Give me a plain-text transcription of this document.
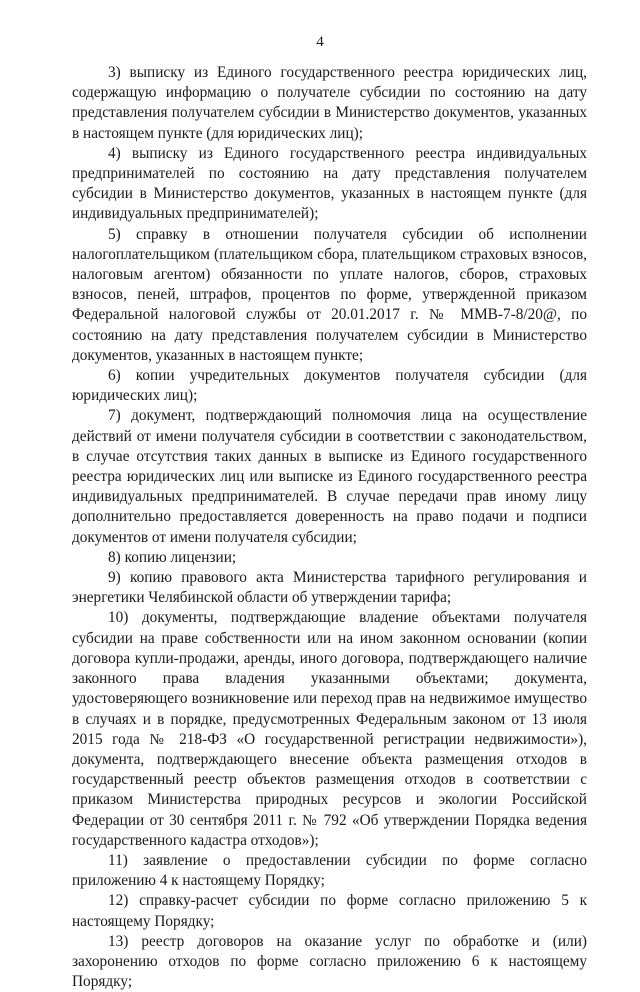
4

3) выписку из Единого государственного реестра юридических лиц, содержащую информацию о получателе субсидии по состоянию на дату представления получателем субсидии в Министерство документов, указанных в настоящем пункте (для юридических лиц);

4) выписку из Единого государственного реестра индивидуальных предпринимателей по состоянию на дату представления получателем субсидии в Министерство документов, указанных в настоящем пункте (для индивидуальных предпринимателей);

5) справку в отношении получателя субсидии об исполнении налогоплательщиком (плательщиком сбора, плательщиком страховых взносов, налоговым агентом) обязанности по уплате налогов, сборов, страховых взносов, пеней, штрафов, процентов по форме, утвержденной приказом Федеральной налоговой службы от 20.01.2017 г. № ММВ-7-8/20@, по состоянию на дату представления получателем субсидии в Министерство документов, указанных в настоящем пункте;

6) копии учредительных документов получателя субсидии (для юридических лиц);

7) документ, подтверждающий полномочия лица на осуществление действий от имени получателя субсидии в соответствии с законодательством, в случае отсутствия таких данных в выписке из Единого государственного реестра юридических лиц или выписке из Единого государственного реестра индивидуальных предпринимателей. В случае передачи прав иному лицу дополнительно предоставляется доверенность на право подачи и подписи документов от имени получателя субсидии;

8) копию лицензии;

9) копию правового акта Министерства тарифного регулирования и энергетики Челябинской области об утверждении тарифа;

10) документы, подтверждающие владение объектами получателя субсидии на праве собственности или на ином законном основании (копии договора купли-продажи, аренды, иного договора, подтверждающего наличие законного права владения указанными объектами; документа, удостоверяющего возникновение или переход прав на недвижимое имущество в случаях и в порядке, предусмотренных Федеральным законом от 13 июля 2015 года № 218-ФЗ «О государственной регистрации недвижимости»), документа, подтверждающего внесение объекта размещения отходов в государственный реестр объектов размещения отходов в соответствии с приказом Министерства природных ресурсов и экологии Российской Федерации от 30 сентября 2011 г. № 792 «Об утверждении Порядка ведения государственного кадастра отходов»);

11) заявление о предоставлении субсидии по форме согласно приложению 4 к настоящему Порядку;

12) справку-расчет субсидии по форме согласно приложению 5 к настоящему Порядку;

13) реестр договоров на оказание услуг по обработке и (или) захоронению отходов по форме согласно приложению 6 к настоящему Порядку;
